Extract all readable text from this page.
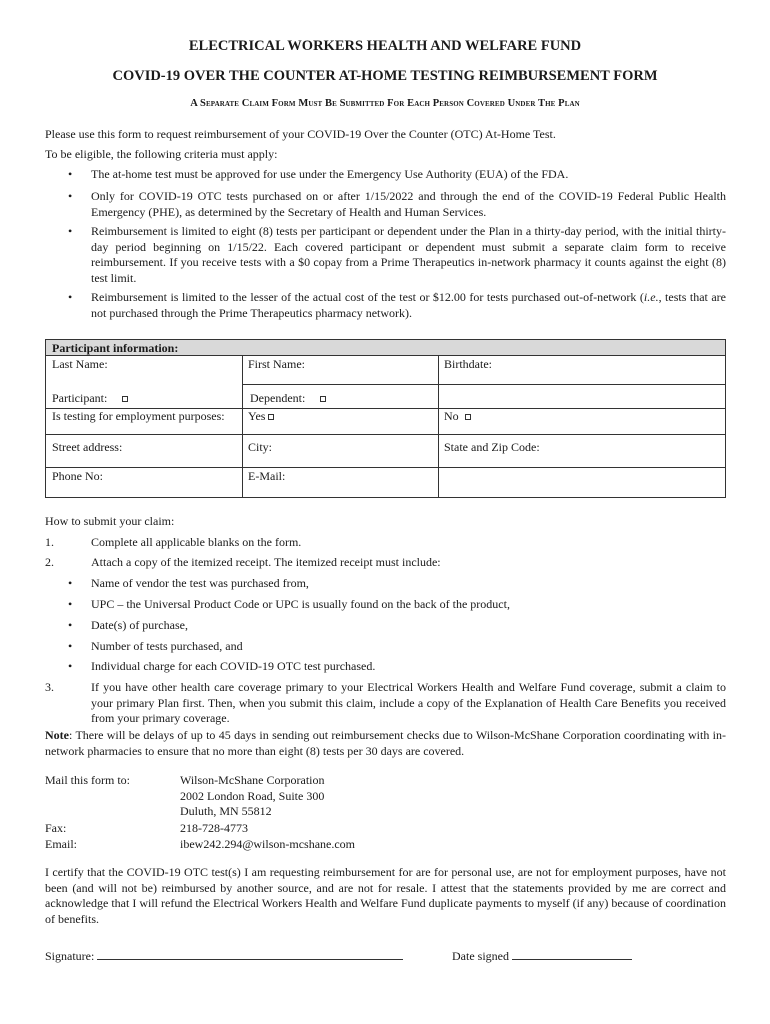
ELECTRICAL WORKERS HEALTH AND WELFARE FUND
COVID-19 OVER THE COUNTER AT-HOME TESTING REIMBURSEMENT FORM
A Separate Claim Form Must Be Submitted For Each Person Covered Under The Plan
Please use this form to request reimbursement of your COVID-19 Over the Counter (OTC) At-Home Test.
To be eligible, the following criteria must apply:
• The at-home test must be approved for use under the Emergency Use Authority (EUA) of the FDA.
• Only for COVID-19 OTC tests purchased on or after 1/15/2022 and through the end of the COVID-19 Federal Public Health Emergency (PHE), as determined by the Secretary of Health and Human Services.
• Reimbursement is limited to eight (8) tests per participant or dependent under the Plan in a thirty-day period, with the initial thirty-day period beginning on 1/15/22. Each covered participant or dependent must submit a separate claim form to receive reimbursement. If you receive tests with a $0 copay from a Prime Therapeutics in-network pharmacy it counts against the eight (8) test limit.
• Reimbursement is limited to the lesser of the actual cost of the test or $12.00 for tests purchased out-of-network (i.e., tests that are not purchased through the Prime Therapeutics pharmacy network).
Participant information:
Last Name:	First Name:	Birthdate:
Participant:	Dependent:
Is testing for employment purposes: Yes	No
Street address:	City:	State and Zip Code:
Phone No:	E-Mail:
How to submit your claim:
1.	Complete all applicable blanks on the form.
2.	Attach a copy of the itemized receipt. The itemized receipt must include:
• Name of vendor the test was purchased from,
• UPC – the Universal Product Code or UPC is usually found on the back of the product,
• Date(s) of purchase,
• Number of tests purchased, and
• Individual charge for each COVID-19 OTC test purchased.
3.	If you have other health care coverage primary to your Electrical Workers Health and Welfare Fund coverage, submit a claim to your primary Plan first. Then, when you submit this claim, include a copy of the Explanation of Health Care Benefits you received from your primary coverage.
Note: There will be delays of up to 45 days in sending out reimbursement checks due to Wilson-McShane Corporation coordinating with in-network pharmacies to ensure that no more than eight (8) tests per 30 days are covered.
Mail this form to:	Wilson-McShane Corporation
2002 London Road, Suite 300
Duluth, MN 55812
Fax:	218-728-4773
Email:	ibew242.294@wilson-mcshane.com
I certify that the COVID-19 OTC test(s) I am requesting reimbursement for are for personal use, are not for employment purposes, have not been (and will not be) reimbursed by another source, and are not for resale. I attest that the statements provided by me are correct and acknowledge that I will refund the Electrical Workers Health and Welfare Fund duplicate payments to myself (if any) because of coordination of benefits.
Signature:	Date signed
